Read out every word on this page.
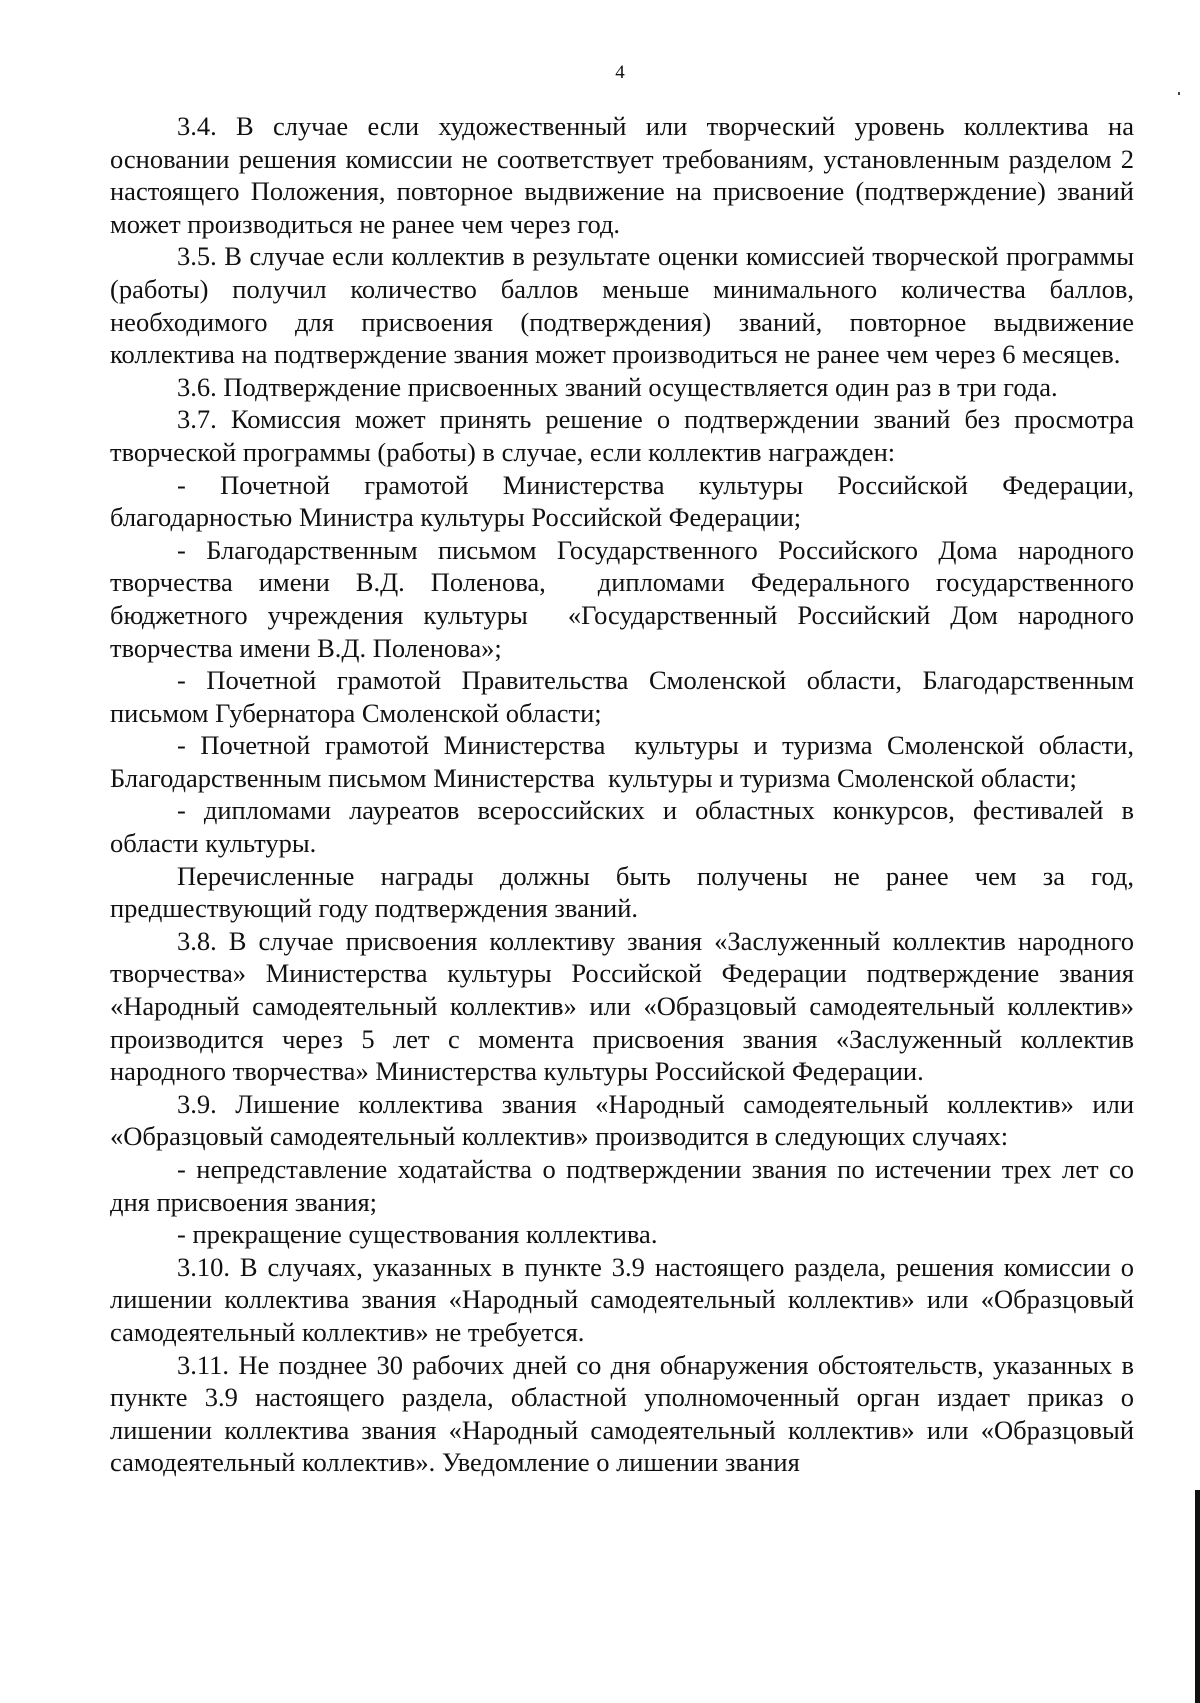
4

3.4. В случае если художественный или творческий уровень коллектива на основании решения комиссии не соответствует требованиям, установленным разделом 2 настоящего Положения, повторное выдвижение на присвоение (подтверждение) званий может производиться не ранее чем через год.

3.5. В случае если коллектив в результате оценки комиссией творческой программы (работы) получил количество баллов меньше минимального количества баллов, необходимого для присвоения (подтверждения) званий, повторное выдвижение коллектива на подтверждение звания может производиться не ранее чем через 6 месяцев.

3.6. Подтверждение присвоенных званий осуществляется один раз в три года.

3.7. Комиссия может принять решение о подтверждении званий без просмотра творческой программы (работы) в случае, если коллектив награжден:

- Почетной грамотой Министерства культуры Российской Федерации, благодарностью Министра культуры Российской Федерации;

- Благодарственным письмом Государственного Российского Дома народного творчества имени В.Д. Поленова,  дипломами Федерального государственного бюджетного учреждения культуры  «Государственный Российский Дом народного творчества имени В.Д. Поленова»;

- Почетной грамотой Правительства Смоленской области, Благодарственным письмом Губернатора Смоленской области;

- Почетной грамотой Министерства  культуры и туризма Смоленской области, Благодарственным письмом Министерства  культуры и туризма Смоленской области;

- дипломами лауреатов всероссийских и областных конкурсов, фестивалей в области культуры.

Перечисленные награды должны быть получены не ранее чем за год, предшествующий году подтверждения званий.

3.8. В случае присвоения коллективу звания «Заслуженный коллектив народного творчества» Министерства культуры Российской Федерации подтверждение звания «Народный самодеятельный коллектив» или «Образцовый самодеятельный коллектив» производится через 5 лет с момента присвоения звания «Заслуженный коллектив народного творчества» Министерства культуры Российской Федерации.

3.9. Лишение коллектива звания «Народный самодеятельный коллектив» или «Образцовый самодеятельный коллектив» производится в следующих случаях:

- непредставление ходатайства о подтверждении звания по истечении трех лет со дня присвоения звания;

- прекращение существования коллектива.

3.10. В случаях, указанных в пункте 3.9 настоящего раздела, решения комиссии о лишении коллектива звания «Народный самодеятельный коллектив» или «Образцовый самодеятельный коллектив» не требуется.

3.11. Не позднее 30 рабочих дней со дня обнаружения обстоятельств, указанных в пункте 3.9 настоящего раздела, областной уполномоченный орган издает приказ о лишении коллектива звания «Народный самодеятельный коллектив» или «Образцовый самодеятельный коллектив». Уведомление о лишении звания
